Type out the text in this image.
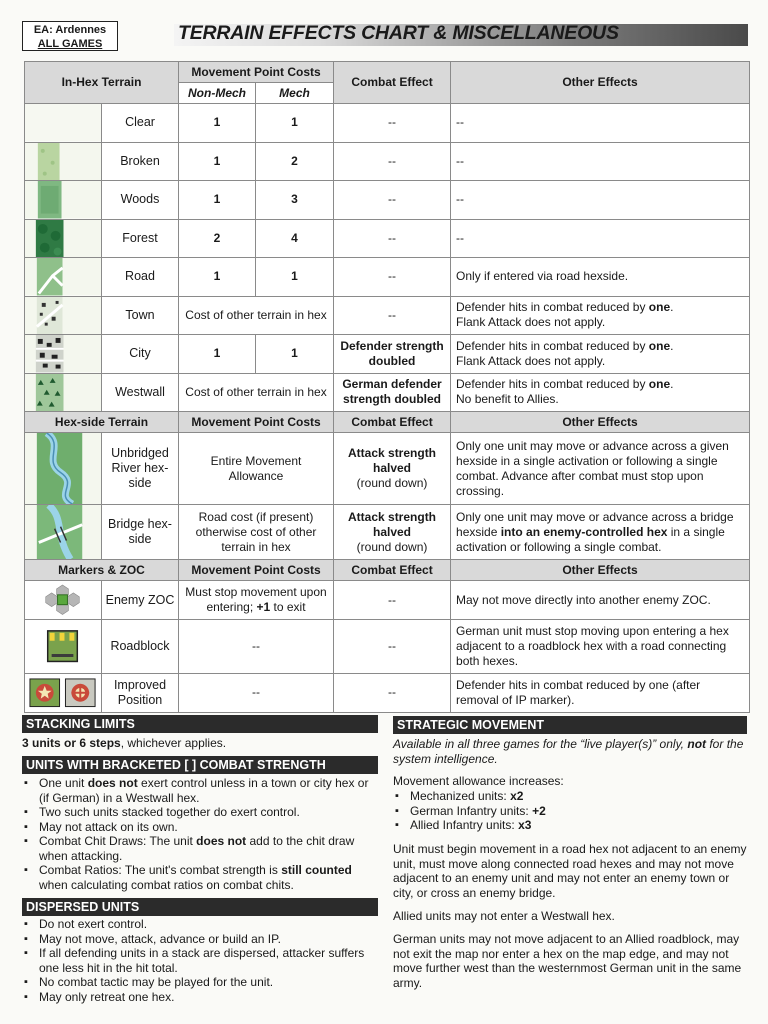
EA: Ardennes
ALL GAMES	TERRAIN EFFECTS CHART & MISCELLANEOUS
In-Hex Terrain		Movement Point Costs		Combat Effect	Other Effects
		Non-Mech	Mech		

	Clear	1	1	--	--

	Broken	1	2	--	--

	Woods	1	3	--	--

	Forest	2	4	--	--

	Road	1	1	--	Only if entered via road hexside.

	Town	Cost of other terrain in hex		--	Defender hits in combat reduced by one.
Flank Attack does not apply.

	City	1	1	Defender strength doubled	Defender hits in combat reduced by one.
Flank Attack does not apply.

	Westwall	Cost of other terrain in hex		German defender strength doubled	Defender hits in combat reduced by one.
No benefit to Allies.
Hex-side Terrain		Movement Point Costs		Combat Effect	Other Effects

	Unbridged River hex-side	Entire Movement Allowance		Attack strength halved
(round down)	Only one unit may move or advance across a given hexside in a single activation or following a single combat. Advance after combat must stop upon crossing.

	Bridge hex-side	Road cost (if present) otherwise cost of other terrain in hex		Attack strength halved
(round down)	Only one unit may move or advance across a bridge hexside into an enemy-controlled hex in a single activation or following a single combat.
Markers & ZOC		Movement Point Costs		Combat Effect	Other Effects

	Enemy ZOC	Must stop movement upon entering; +1 to exit		--	May not move directly into another enemy ZOC.

	Roadblock	--		--	German unit must stop moving upon entering a hex adjacent to a roadblock hex with a road connecting both hexes.

	Improved Position	--		--	Defender hits in combat reduced by one (after removal of IP marker).
STACKING LIMITS
3 units or 6 steps, whichever applies.
UNITS WITH BRACKETED [ ] COMBAT STRENGTH
▪ One unit does not exert control unless in a town or city hex or (if German) in a Westwall hex.
▪ Two such units stacked together do exert control.
▪ May not attack on its own.
▪ Combat Chit Draws: The unit does not add to the chit draw when attacking.
▪ Combat Ratios: The unit's combat strength is still counted when calculating combat ratios on combat chits.
DISPERSED UNITS
▪ Do not exert control.
▪ May not move, attack, advance or build an IP.
▪ If all defending units in a stack are dispersed, attacker suffers one less hit in the hit total.
▪ No combat tactic may be played for the unit.
▪ May only retreat one hex.
STRATEGIC MOVEMENT
Available in all three games for the “live player(s)” only, not for the system intelligence.
Movement allowance increases:
▪ Mechanized units: x2
▪ German Infantry units: +2
▪ Allied Infantry units: x3
Unit must begin movement in a road hex not adjacent to an enemy unit, must move along connected road hexes and may not move adjacent to an enemy unit and may not enter an enemy town or city, or cross an enemy bridge.
Allied units may not enter a Westwall hex.
German units may not move adjacent to an Allied roadblock, may not exit the map nor enter a hex on the map edge, and may not move further west than the westernmost German unit in the same army.
